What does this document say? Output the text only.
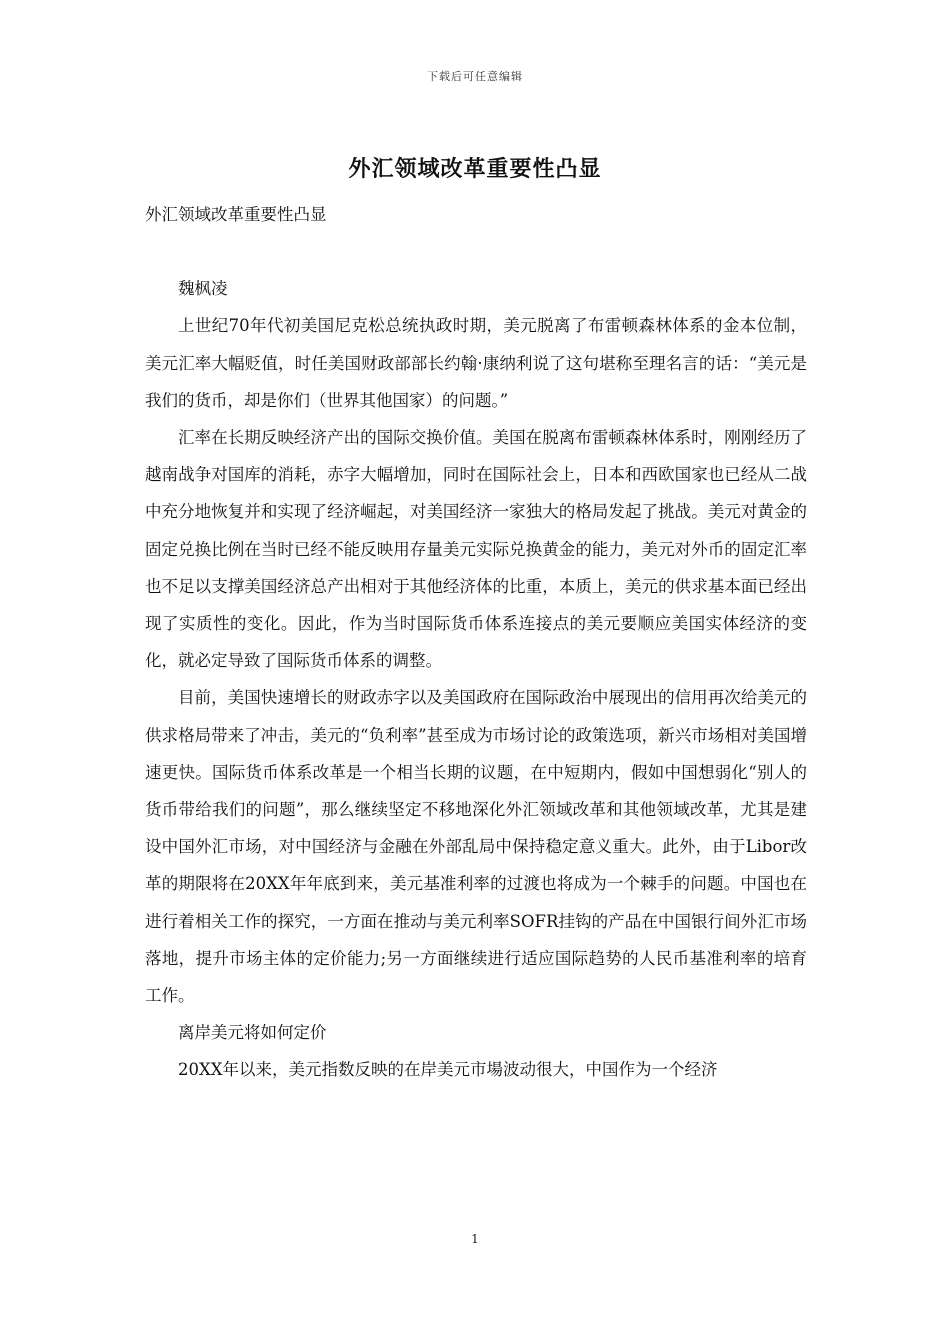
下载后可任意编辑
外汇领域改革重要性凸显

外汇领域改革重要性凸显

魏枫凌

上世纪70年代初美国尼克松总统执政时期，美元脱离了布雷顿森林体系的金本位制，美元汇率大幅贬值，时任美国财政部部长约翰·康纳利说了这句堪称至理名言的话：“美元是我们的货币，却是你们（世界其他国家）的问题。”

汇率在长期反映经济产出的国际交换价值。美国在脱离布雷顿森林体系时，刚刚经历了越南战争对国库的消耗，赤字大幅增加，同时在国际社会上，日本和西欧国家也已经从二战中充分地恢复并和实现了经济崛起，对美国经济一家独大的格局发起了挑战。美元对黄金的固定兑换比例在当时已经不能反映用存量美元实际兑换黄金的能力，美元对外币的固定汇率也不足以支撑美国经济总产出相对于其他经济体的比重，本质上，美元的供求基本面已经出现了实质性的变化。因此，作为当时国际货币体系连接点的美元要顺应美国实体经济的变化，就必定导致了国际货币体系的调整。

目前，美国快速增长的财政赤字以及美国政府在国际政治中展现出的信用再次给美元的供求格局带来了冲击，美元的“负利率”甚至成为市场讨论的政策选项，新兴市场相对美国增速更快。国际货币体系改革是一个相当长期的议题，在中短期内，假如中国想弱化“别人的货币带给我们的问题”，那么继续坚定不移地深化外汇领域改革和其他领域改革，尤其是建设中国外汇市场，对中国经济与金融在外部乱局中保持稳定意义重大。此外，由于Libor改革的期限将在20XX年年底到来，美元基准利率的过渡也将成为一个棘手的问题。中国也在进行着相关工作的探究，一方面在推动与美元利率SOFR挂钩的产品在中国银行间外汇市场落地，提升市场主体的定价能力;另一方面继续进行适应国际趋势的人民币基准利率的培育工作。

离岸美元将如何定价

20XX年以来，美元指数反映的在岸美元市場波动很大，中国作为一个经济

1
